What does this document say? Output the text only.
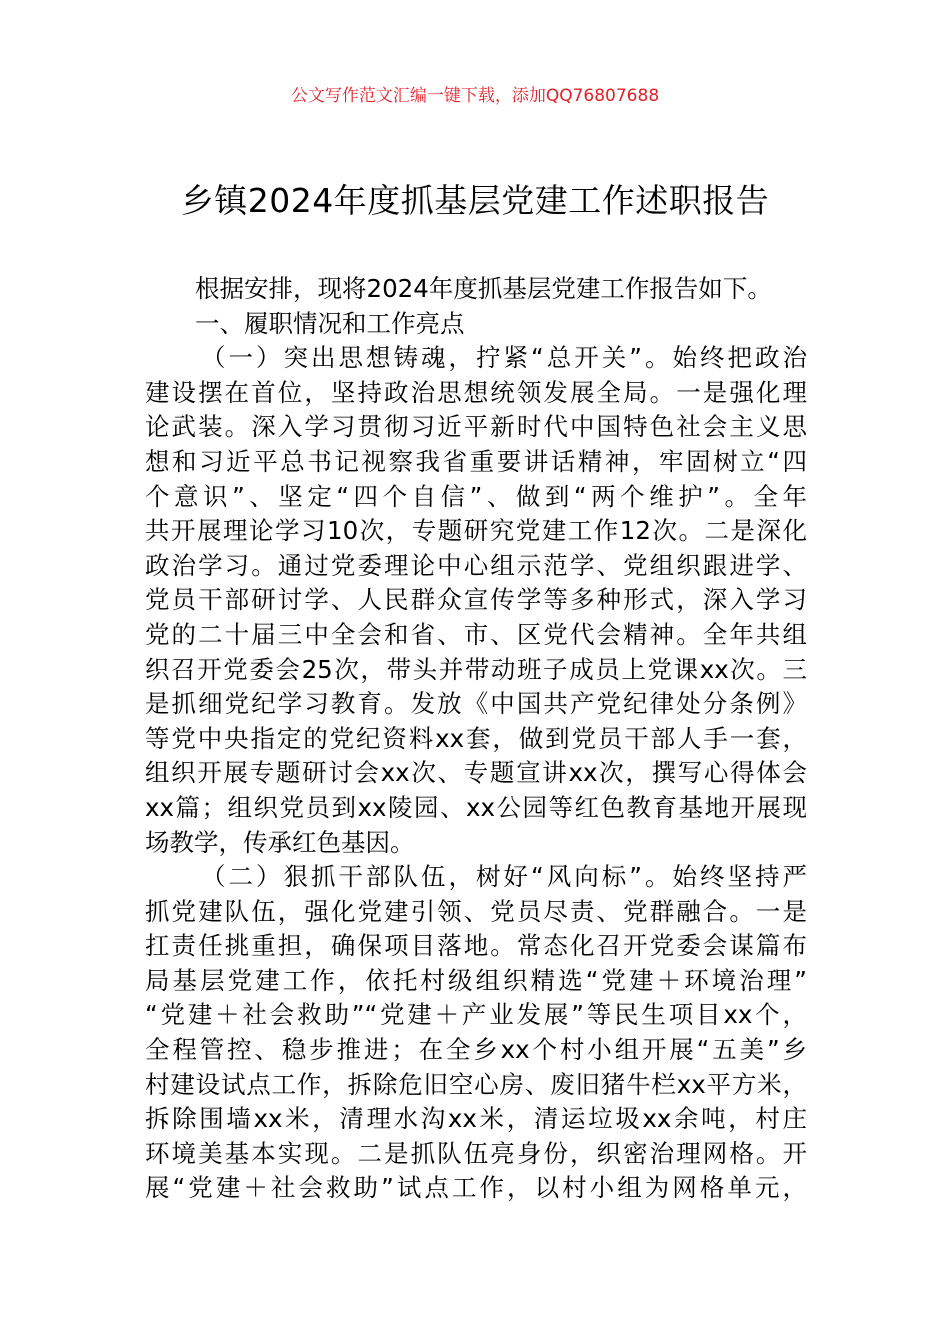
公文写作范文汇编一键下载，添加QQ76807688
乡镇2024年度抓基层党建工作述职报告
根据安排，现将2024年度抓基层党建工作报告如下。
一、履职情况和工作亮点
（一）突出思想铸魂，拧紧“总开关”。始终把政治
建设摆在首位，坚持政治思想统领发展全局。一是强化理
论武装。深入学习贯彻习近平新时代中国特色社会主义思
想和习近平总书记视察我省重要讲话精神，牢固树立“四
个意识”、坚定“四个自信”、做到“两个维护”。全年
共开展理论学习10次，专题研究党建工作12次。二是深化
政治学习。通过党委理论中心组示范学、党组织跟进学、
党员干部研讨学、人民群众宣传学等多种形式，深入学习
党的二十届三中全会和省、市、区党代会精神。全年共组
织召开党委会25次，带头并带动班子成员上党课xx次。三
是抓细党纪学习教育。发放《中国共产党纪律处分条例》
等党中央指定的党纪资料xx套，做到党员干部人手一套，
组织开展专题研讨会xx次、专题宣讲xx次，撰写心得体会
xx篇；组织党员到xx陵园、xx公园等红色教育基地开展现
场教学，传承红色基因。
（二）狠抓干部队伍，树好“风向标”。始终坚持严
抓党建队伍，强化党建引领、党员尽责、党群融合。一是
扛责任挑重担，确保项目落地。常态化召开党委会谋篇布
局基层党建工作，依托村级组织精选“党建＋环境治理”
“党建＋社会救助”“党建＋产业发展”等民生项目xx个，
全程管控、稳步推进；在全乡xx个村小组开展“五美”乡
村建设试点工作，拆除危旧空心房、废旧猪牛栏xx平方米，
拆除围墙xx米，清理水沟xx米，清运垃圾xx余吨，村庄
环境美基本实现。二是抓队伍亮身份，织密治理网格。开
展“党建＋社会救助”试点工作，以村小组为网格单元，
